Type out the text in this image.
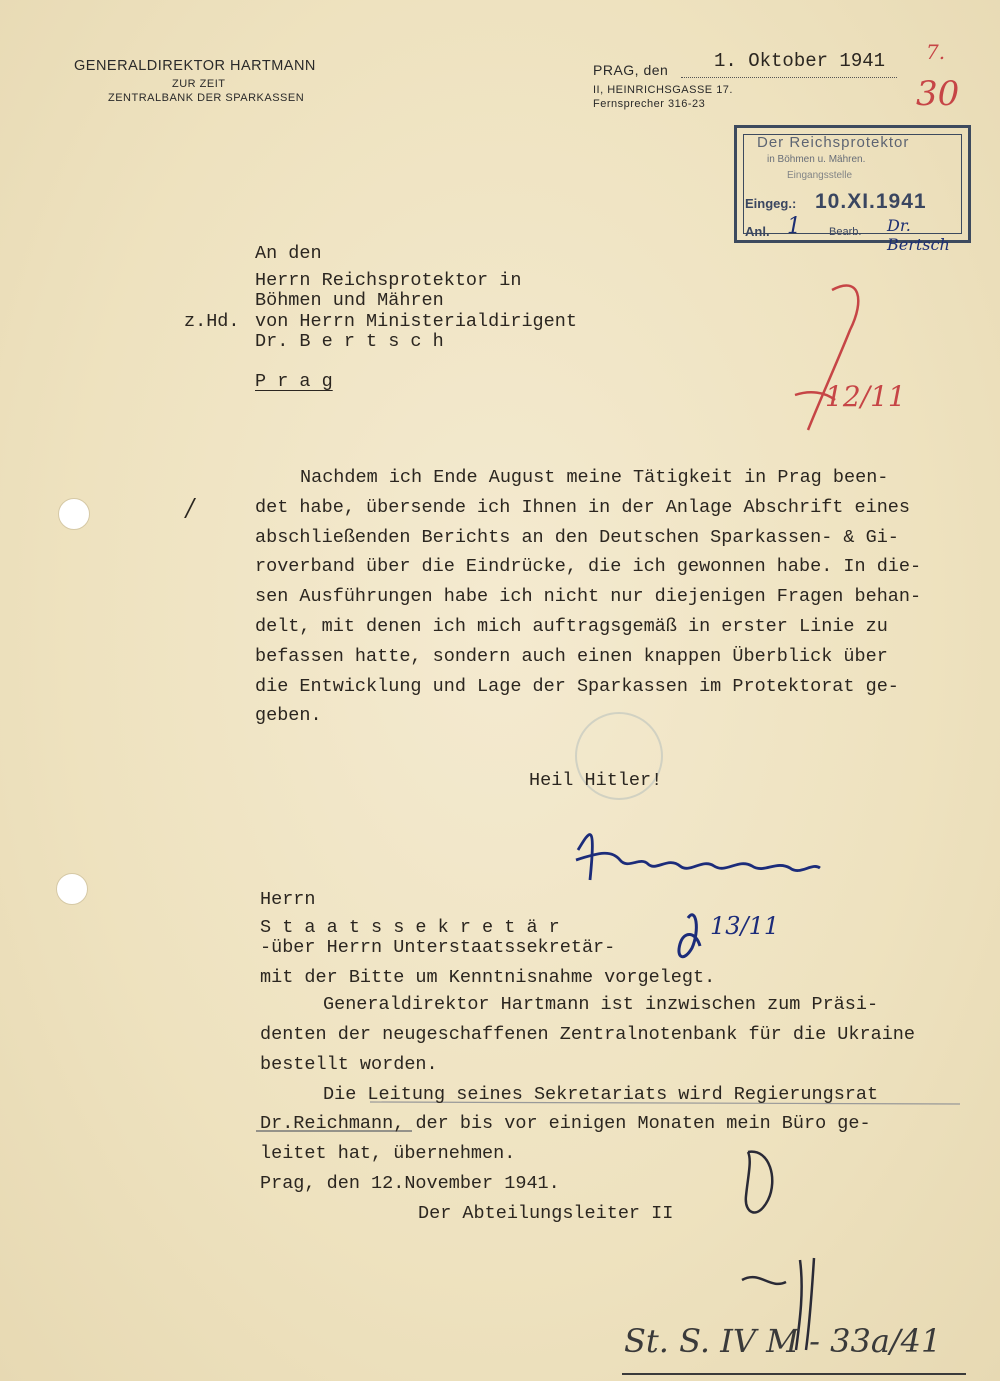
GENERALDIREKTOR HARTMANN
ZUR ZEIT
ZENTRALBANK DER SPARKASSEN
PRAG, den 1. Oktober 1941
II, HEINRICHSGASSE 17.
Fernsprecher 316-23
7.
30
Der Reichsprotektor
in Böhmen u. Mähren.
Eingangsstelle
Eingeg.: 10.XI.1941
Anl. 1	Bearb. Dr. Bertsch
An den
Herrn Reichsprotektor in
Böhmen und Mähren
z.Hd. von Herrn Ministerialdirigent
Dr. B e r t s c h
P r a g
/
Nachdem ich Ende August meine Tätigkeit in Prag been-
det habe, übersende ich Ihnen in der Anlage Abschrift eines
abschließenden Berichts an den Deutschen Sparkassen- & Gi-
roverband über die Eindrücke, die ich gewonnen habe. In die-
sen Ausführungen habe ich nicht nur diejenigen Fragen behan-
delt, mit denen ich mich auftragsgemäß in erster Linie zu
befassen hatte, sondern auch einen knappen Überblick über
die Entwicklung und Lage der Sparkassen im Protektorat ge-
geben.
Heil Hitler!
12/11
13/11
Herrn
S t a a t s s e k r e t ä r
-über Herrn Unterstaatssekretär-
mit der Bitte um Kenntnisnahme vorgelegt.
Generaldirektor Hartmann ist inzwischen zum Präsi-
denten der neugeschaffenen Zentralnotenbank für die Ukraine
bestellt worden.
Die Leitung seines Sekretariats wird Regierungsrat
Dr.Reichmann, der bis vor einigen Monaten mein Büro ge-
leitet hat, übernehmen.
Prag, den 12.November 1941.
Der Abteilungsleiter II
St. S. IV M - 33a/41
